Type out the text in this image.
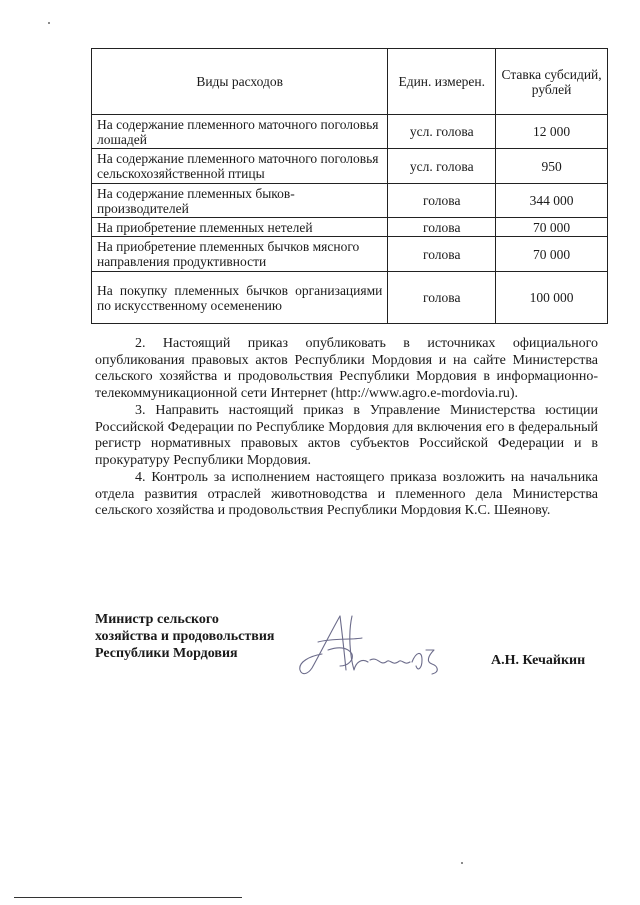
Виды расходов	Един. измерен.	Ставка субсидий, рублей
На содержание племенного маточного поголовья лошадей	усл. голова	12 000
На содержание племенного маточного поголовья сельскохозяйственной птицы	усл. голова	950
На содержание племенных быков-производителей	голова	344 000
На приобретение племенных нетелей	голова	70 000
На приобретение племенных бычков мясного направления продуктивности	голова	70 000
На покупку племенных бычков организациями по искусственному осеменению	голова	100 000

2. Настоящий приказ опубликовать в источниках официального опубликования правовых актов Республики Мордовия и на сайте Министерства сельского хозяйства и продовольствия Республики Мордовия в информационно-телекоммуникационной сети Интернет (http://www.agro.e-mordovia.ru).

3. Направить настоящий приказ в Управление Министерства юстиции Российской Федерации по Республике Мордовия для включения его в федеральный регистр нормативных правовых актов субъектов Российской Федерации и в прокуратуру Республики Мордовия.

4. Контроль за исполнением настоящего приказа возложить на начальника отдела развития отраслей животноводства и племенного дела Министерства сельского хозяйства и продовольствия Республики Мордовия К.С. Шеянову.

Министр сельского
хозяйства и продовольствия
Республики Мордовия	А.Н. Кечайкин
